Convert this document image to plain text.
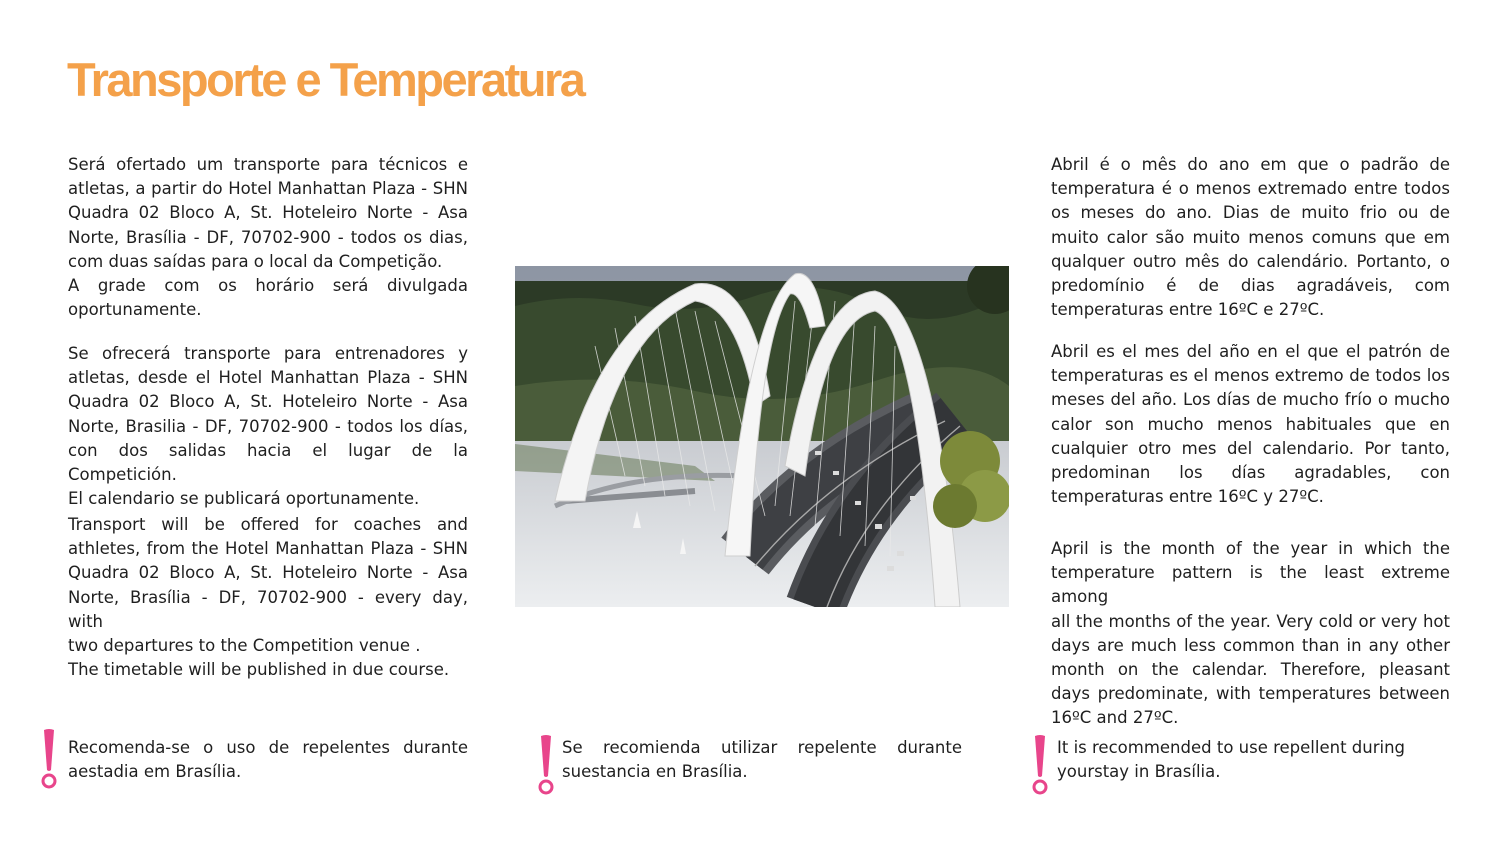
Transporte e Temperatura
Será ofertado um transporte para técnicos e
atletas, a partir do Hotel Manhattan Plaza - SHN
Quadra 02 Bloco A, St. Hoteleiro Norte - Asa
Norte, Brasília - DF, 70702-900 - todos os dias,
com duas saídas para o local da Competição.
A grade com os horário será divulgada
oportunamente.
Se ofrecerá transporte para entrenadores y
atletas, desde el Hotel Manhattan Plaza - SHN
Quadra 02 Bloco A, St. Hoteleiro Norte - Asa
Norte, Brasilia - DF, 70702-900 - todos los días,
con dos salidas hacia el lugar de la Competición.
El calendario se publicará oportunamente.
Transport will be offered for coaches and
athletes, from the Hotel Manhattan Plaza - SHN
Quadra 02 Bloco A, St. Hoteleiro Norte - Asa
Norte, Brasília - DF, 70702-900 - every day, with
two departures to the Competition venue .
The timetable will be published in due course.
Abril é o mês do ano em que o padrão de
temperatura é o menos extremado entre todos
os meses do ano. Dias de muito frio ou de
muito calor são muito menos comuns que em
qualquer outro mês do calendário. Portanto, o
predomínio é de dias agradáveis, com
temperaturas entre 16ºC e 27ºC.
Abril es el mes del año en el que el patrón de
temperaturas es el menos extremo de todos los
meses del año. Los días de mucho frío o mucho
calor son mucho menos habituales que en
cualquier otro mes del calendario. Por tanto,
predominan los días agradables, con
temperaturas entre 16ºC y 27ºC.
April is the month of the year in which the
temperature pattern is the least extreme among
all the months of the year. Very cold or very hot
days are much less common than in any other
month on the calendar. Therefore, pleasant
days predominate, with temperatures between
16ºC and 27ºC.
Recomenda-se o uso de repelentes durante aestadia em Brasília.
Se recomienda utilizar repelente durante suestancia en Brasília.
It is recommended to use repellent during yourstay in Brasília.
